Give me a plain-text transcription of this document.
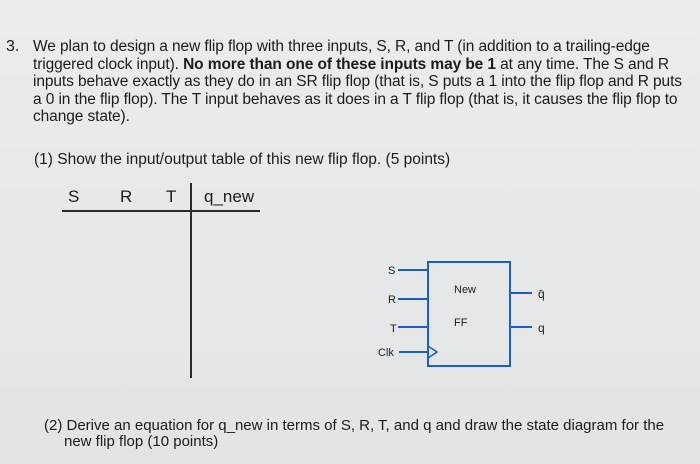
3. We plan to design a new flip flop with three inputs, S, R, and T (in addition to a trailing-edge
triggered clock input). No more than one of these inputs may be 1 at any time. The S and R
inputs behave exactly as they do in an SR flip flop (that is, S puts a 1 into the flip flop and R puts
a 0 in the flip flop). The T input behaves as it does in a T flip flop (that is, it causes the flip flop to
change state).
(1) Show the input/output table of this new flip flop. (5 points)
S R T q_new
S
R
T
Clk
New
FF
q̄
q
(2) Derive an equation for q_new in terms of S, R, T, and q and draw the state diagram for the
new flip flop (10 points)
